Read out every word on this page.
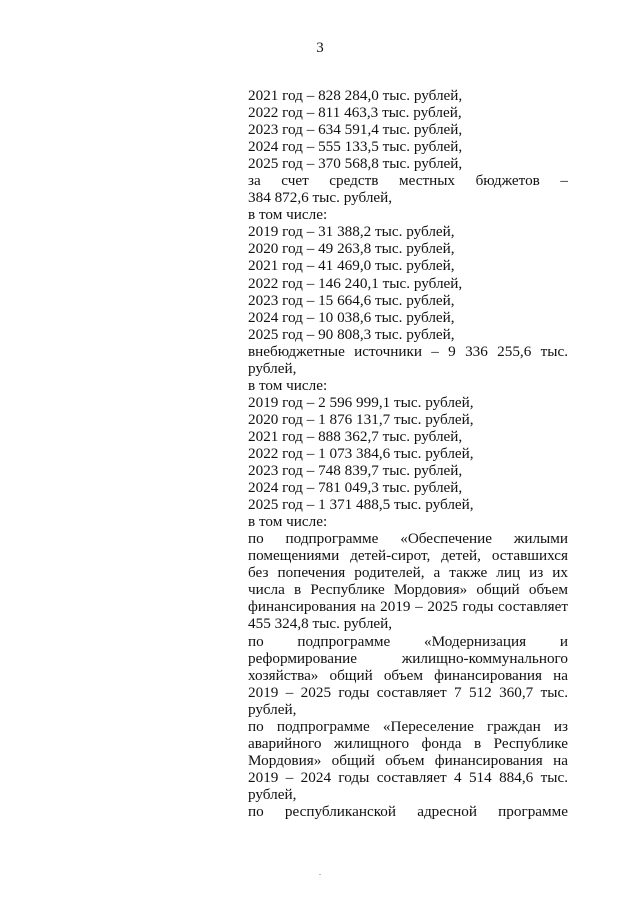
3
2021 год – 828 284,0 тыс. рублей,
2022 год – 811 463,3 тыс. рублей,
2023 год – 634 591,4 тыс. рублей,
2024 год – 555 133,5 тыс. рублей,
2025 год – 370 568,8 тыс. рублей,
за счет средств местных бюджетов –
384 872,6 тыс. рублей,
в том числе:
2019 год – 31 388,2 тыс. рублей,
2020 год – 49 263,8 тыс. рублей,
2021 год – 41 469,0 тыс. рублей,
2022 год – 146 240,1 тыс. рублей,
2023 год – 15 664,6 тыс. рублей,
2024 год – 10 038,6 тыс. рублей,
2025 год – 90 808,3 тыс. рублей,
внебюджетные источники – 9 336 255,6 тыс.
рублей,
в том числе:
2019 год – 2 596 999,1 тыс. рублей,
2020 год – 1 876 131,7 тыс. рублей,
2021 год – 888 362,7 тыс. рублей,
2022 год – 1 073 384,6 тыс. рублей,
2023 год – 748 839,7 тыс. рублей,
2024 год – 781 049,3 тыс. рублей,
2025 год – 1 371 488,5 тыс. рублей,
в том числе:
по подпрограмме «Обеспечение жилыми
помещениями детей-сирот, детей, оставшихся
без попечения родителей, а также лиц из их
числа в Республике Мордовия» общий объем
финансирования на 2019 – 2025 годы составляет
455 324,8 тыс. рублей,
по подпрограмме «Модернизация и
реформирование жилищно-коммунального
хозяйства» общий объем финансирования на
2019 – 2025 годы составляет 7 512 360,7 тыс.
рублей,
по подпрограмме «Переселение граждан из
аварийного жилищного фонда в Республике
Мордовия» общий объем финансирования на
2019 – 2024 годы составляет 4 514 884,6 тыс.
рублей,
по республиканской адресной программе
